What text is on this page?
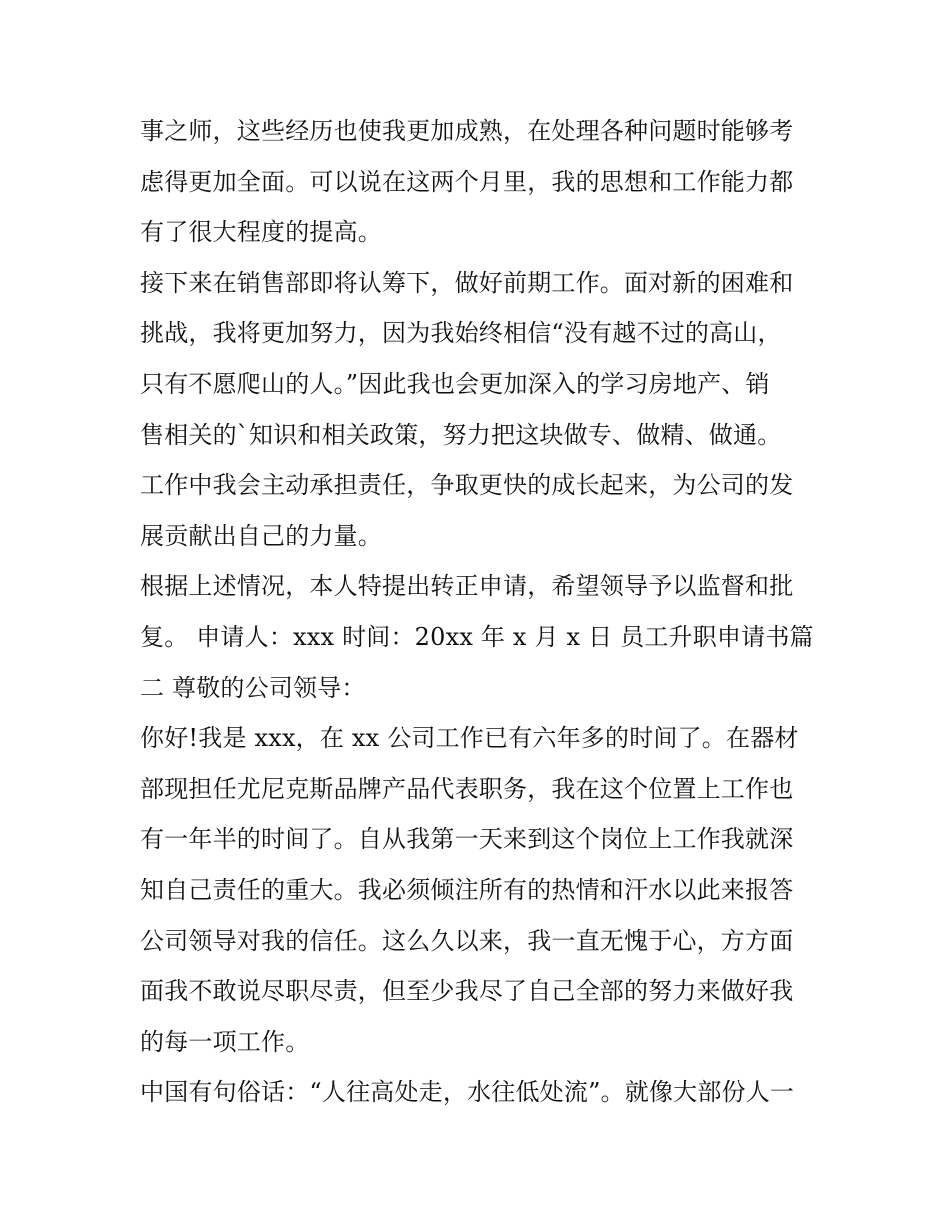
事之师，这些经历也使我更加成熟，在处理各种问题时能够考
虑得更加全面。可以说在这两个月里，我的思想和工作能力都
有了很大程度的提高。
接下来在销售部即将认筹下，做好前期工作。面对新的困难和
挑战，我将更加努力，因为我始终相信“没有越不过的高山，
只有不愿爬山的人。”因此我也会更加深入的学习房地产、销
售相关的`知识和相关政策，努力把这块做专、做精、做通。
工作中我会主动承担责任，争取更快的成长起来，为公司的发
展贡献出自己的力量。
根据上述情况，本人特提出转正申请，希望领导予以监督和批
复。 申请人：xxx 时间：20xx 年 x 月 x 日 员工升职申请书篇
二 尊敬的公司领导：
你好!我是 xxx，在 xx 公司工作已有六年多的时间了。在器材
部现担任尤尼克斯品牌产品代表职务，我在这个位置上工作也
有一年半的时间了。自从我第一天来到这个岗位上工作我就深
知自己责任的重大。我必须倾注所有的热情和汗水以此来报答
公司领导对我的信任。这么久以来，我一直无愧于心，方方面
面我不敢说尽职尽责，但至少我尽了自己全部的努力来做好我
的每一项工作。
中国有句俗话：“人往高处走，水往低处流”。就像大部份人一
